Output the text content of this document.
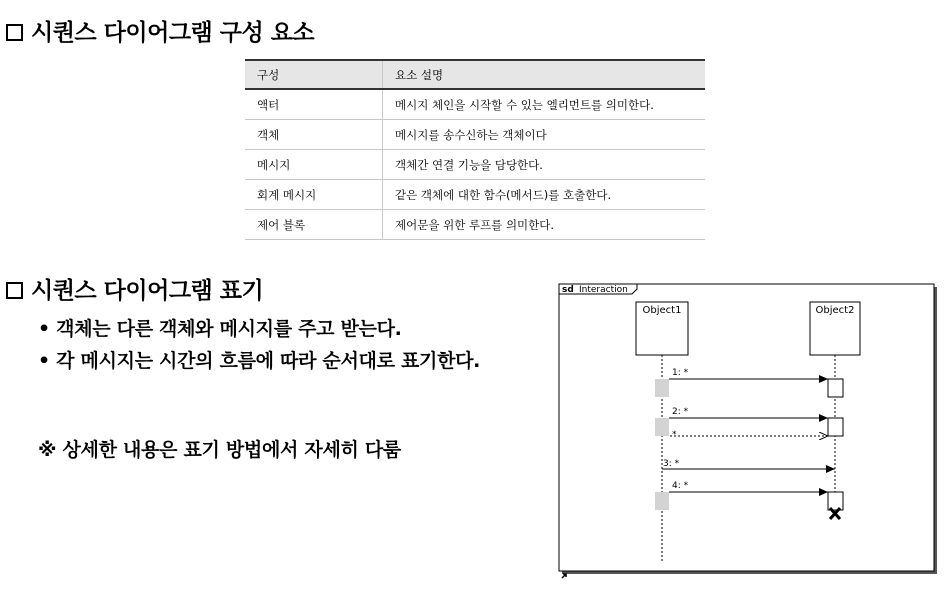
시퀀스 다이어그램 구성 요소
구성	요소 설명
액터	메시지 체인을 시작할 수 있는 엘리먼트를 의미한다.
객체	메시지를 송수신하는 객체이다
메시지	객체간 연결 기능을 담당한다.
회계 메시지	같은 객체에 대한 함수(메서드)를 호출한다.
제어 블록	제어문을 위한 루프를 의미한다.
시퀀스 다이어그램 표기
• 객체는 다른 객체와 메시지를 주고 받는다.
• 각 메시지는 시간의 흐름에 따라 순서대로 표기한다.
※ 상세한 내용은 표기 방법에서 자세히 다룸
sd Interaction
Object1	Object2
1: *
2: *
*
3: *
4: *
